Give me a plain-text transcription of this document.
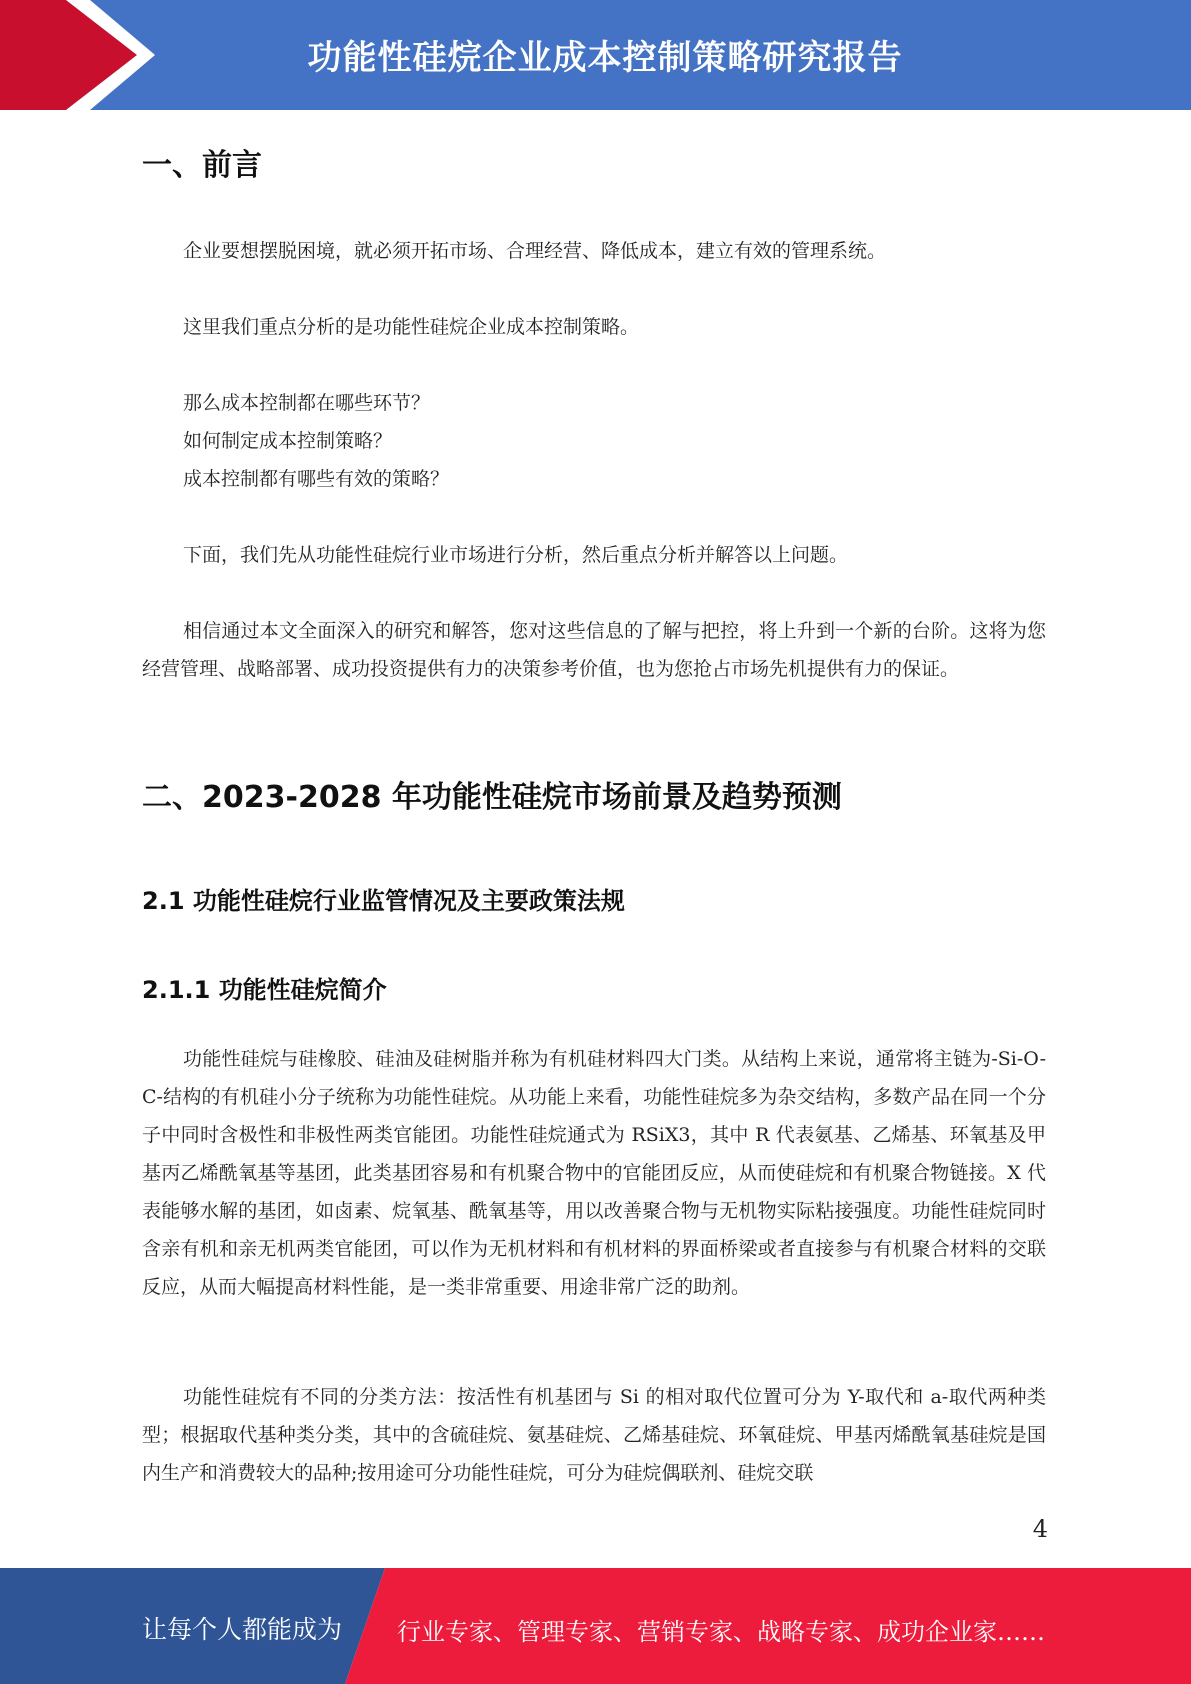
功能性硅烷企业成本控制策略研究报告
一、前言

企业要想摆脱困境，就必须开拓市场、合理经营、降低成本，建立有效的管理系统。

这里我们重点分析的是功能性硅烷企业成本控制策略。

那么成本控制都在哪些环节？

如何制定成本控制策略？

成本控制都有哪些有效的策略？

下面，我们先从功能性硅烷行业市场进行分析，然后重点分析并解答以上问题。

相信通过本文全面深入的研究和解答，您对这些信息的了解与把控，将上升到一个新的台阶。这将为您经营管理、战略部署、成功投资提供有力的决策参考价值，也为您抢占市场先机提供有力的保证。

二、2023-2028 年功能性硅烷市场前景及趋势预测
2.1 功能性硅烷行业监管情况及主要政策法规
2.1.1 功能性硅烷简介

功能性硅烷与硅橡胶、硅油及硅树脂并称为有机硅材料四大门类。从结构上来说，通常将主链为-Si-O-C-结构的有机硅小分子统称为功能性硅烷。从功能上来看，功能性硅烷多为杂交结构，多数产品在同一个分子中同时含极性和非极性两类官能团。功能性硅烷通式为 RSiX3，其中 R 代表氨基、乙烯基、环氧基及甲基丙乙烯酰氧基等基团，此类基团容易和有机聚合物中的官能团反应，从而使硅烷和有机聚合物链接。X 代表能够水解的基团，如卤素、烷氧基、酰氧基等，用以改善聚合物与无机物实际粘接强度。功能性硅烷同时含亲有机和亲无机两类官能团，可以作为无机材料和有机材料的界面桥梁或者直接参与有机聚合材料的交联反应，从而大幅提高材料性能，是一类非常重要、用途非常广泛的助剂。

功能性硅烷有不同的分类方法：按活性有机基团与 Si 的相对取代位置可分为 Y-取代和 a-取代两种类型；根据取代基种类分类，其中的含硫硅烷、氨基硅烷、乙烯基硅烷、环氧硅烷、甲基丙烯酰氧基硅烷是国内生产和消费较大的品种;按用途可分功能性硅烷，可分为硅烷偶联剂、硅烷交联

4
让每个人都能成为 行业专家、管理专家、营销专家、战略专家、成功企业家……
